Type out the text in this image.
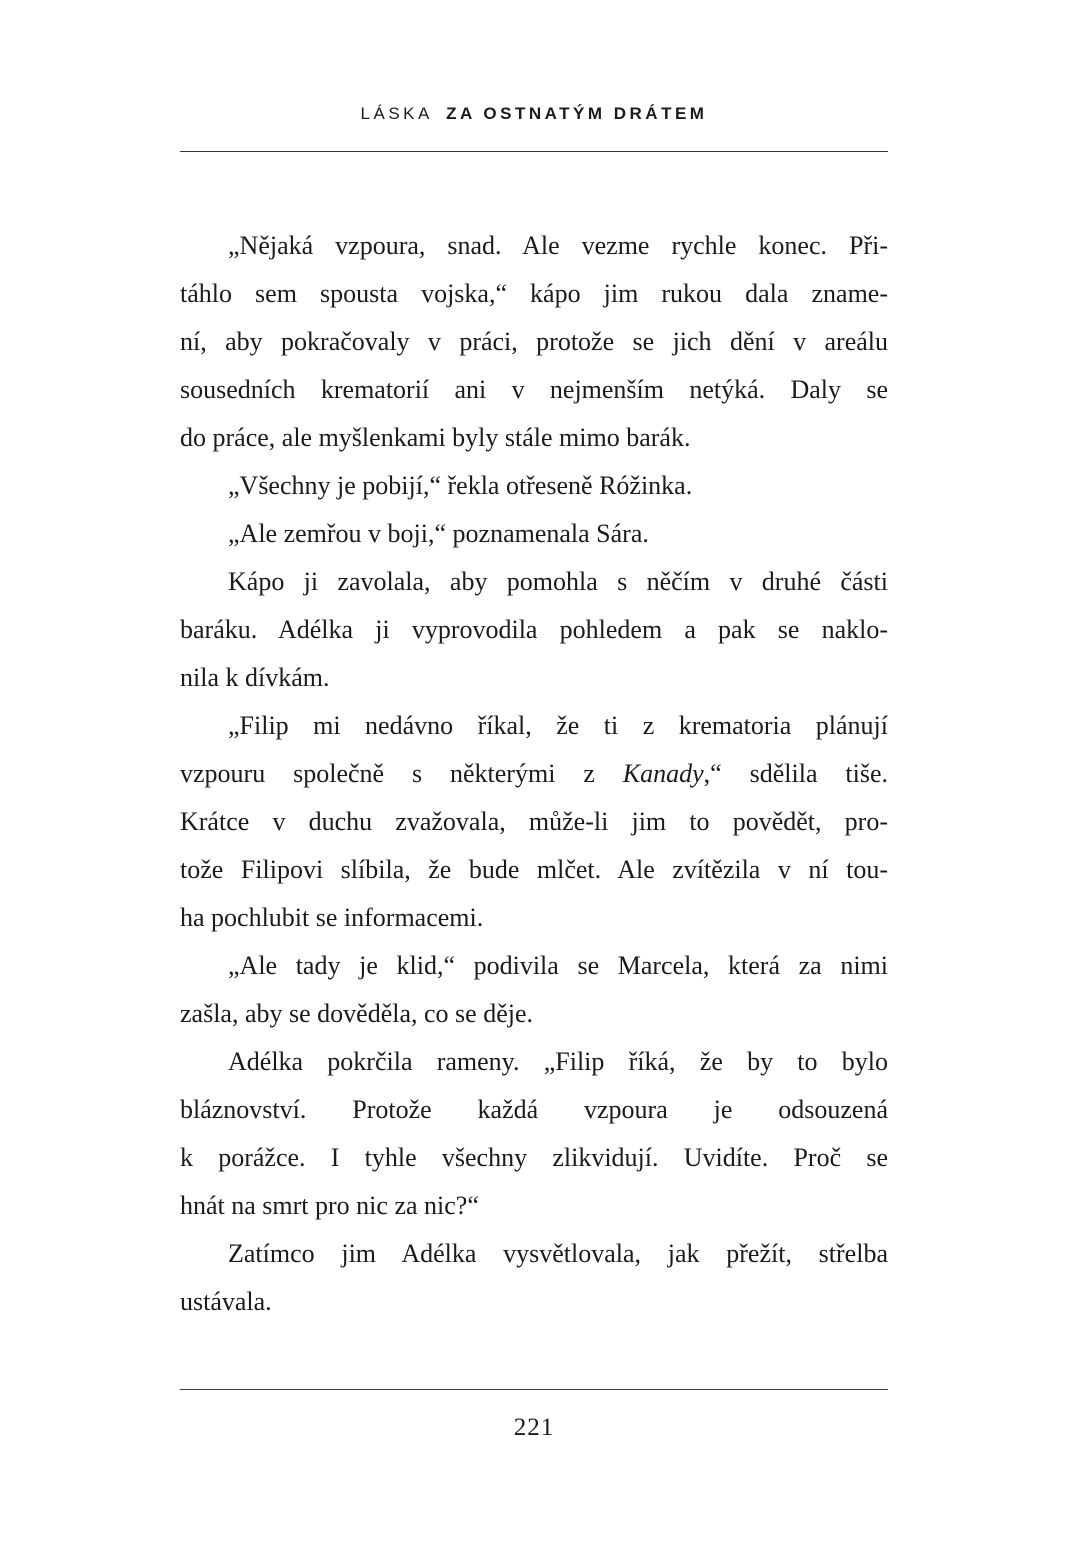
LÁSKA ZA OSTNATÝM DRÁTEM
„Nějaká vzpoura, snad. Ale vezme rychle konec. Při-
táhlo sem spousta vojska,“ kápo jim rukou dala zname-
ní, aby pokračovaly v práci, protože se jich dění v areálu
sousedních krematorií ani v nejmenším netýká. Daly se
do práce, ale myšlenkami byly stále mimo barák.
„Všechny je pobijí,“ řekla otřeseně Róžinka.
„Ale zemřou v boji,“ poznamenala Sára.
Kápo ji zavolala, aby pomohla s něčím v druhé části
baráku. Adélka ji vyprovodila pohledem a pak se naklo-
nila k dívkám.
„Filip mi nedávno říkal, že ti z krematoria plánují
vzpouru společně s některými z Kanady,“ sdělila tiše.
Krátce v duchu zvažovala, může-li jim to povědět, pro-
tože Filipovi slíbila, že bude mlčet. Ale zvítězila v ní tou-
ha pochlubit se informacemi.
„Ale tady je klid,“ podivila se Marcela, která za nimi
zašla, aby se dověděla, co se děje.
Adélka pokrčila rameny. „Filip říká, že by to bylo
bláznovství. Protože každá vzpoura je odsouzená
k porážce. I tyhle všechny zlikvidují. Uvidíte. Proč se
hnát na smrt pro nic za nic?“
Zatímco jim Adélka vysvětlovala, jak přežít, střelba
ustávala.
221
